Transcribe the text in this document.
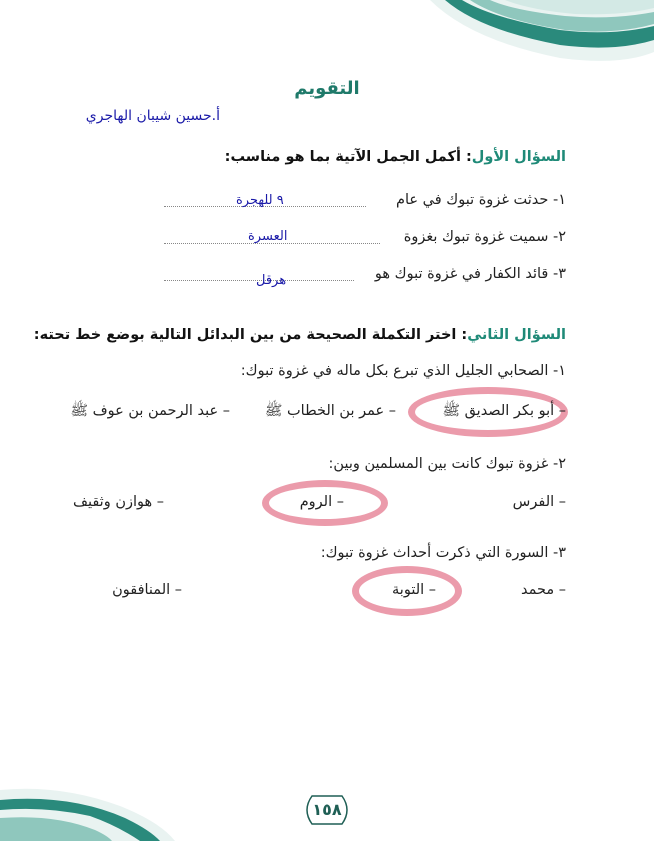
التقويم
أ.حسين شيبان الهاجري
السؤال الأول: أكمل الجمل الآتية بما هو مناسب:
١- حدثت غزوة تبوك في عام
٩ للهجرة
٢- سميت غزوة تبوك بغزوة
العسرة
٣- قائد الكفار في غزوة تبوك هو
هرقل
السؤال الثاني: اختر التكملة الصحيحة من بين البدائل التالية بوضع خط تحته:
١- الصحابي الجليل الذي تبرع بكل ماله في غزوة تبوك:
– أبو بكر الصديق ﷺ
– عمر بن الخطاب ﷺ
– عبد الرحمن بن عوف ﷺ
٢- غزوة تبوك كانت بين المسلمين وبين:
– الفرس
– الروم
– هوازن وثقيف
٣- السورة التي ذكرت أحداث غزوة تبوك:
– محمد
– التوبة
– المنافقون
١٥٨
